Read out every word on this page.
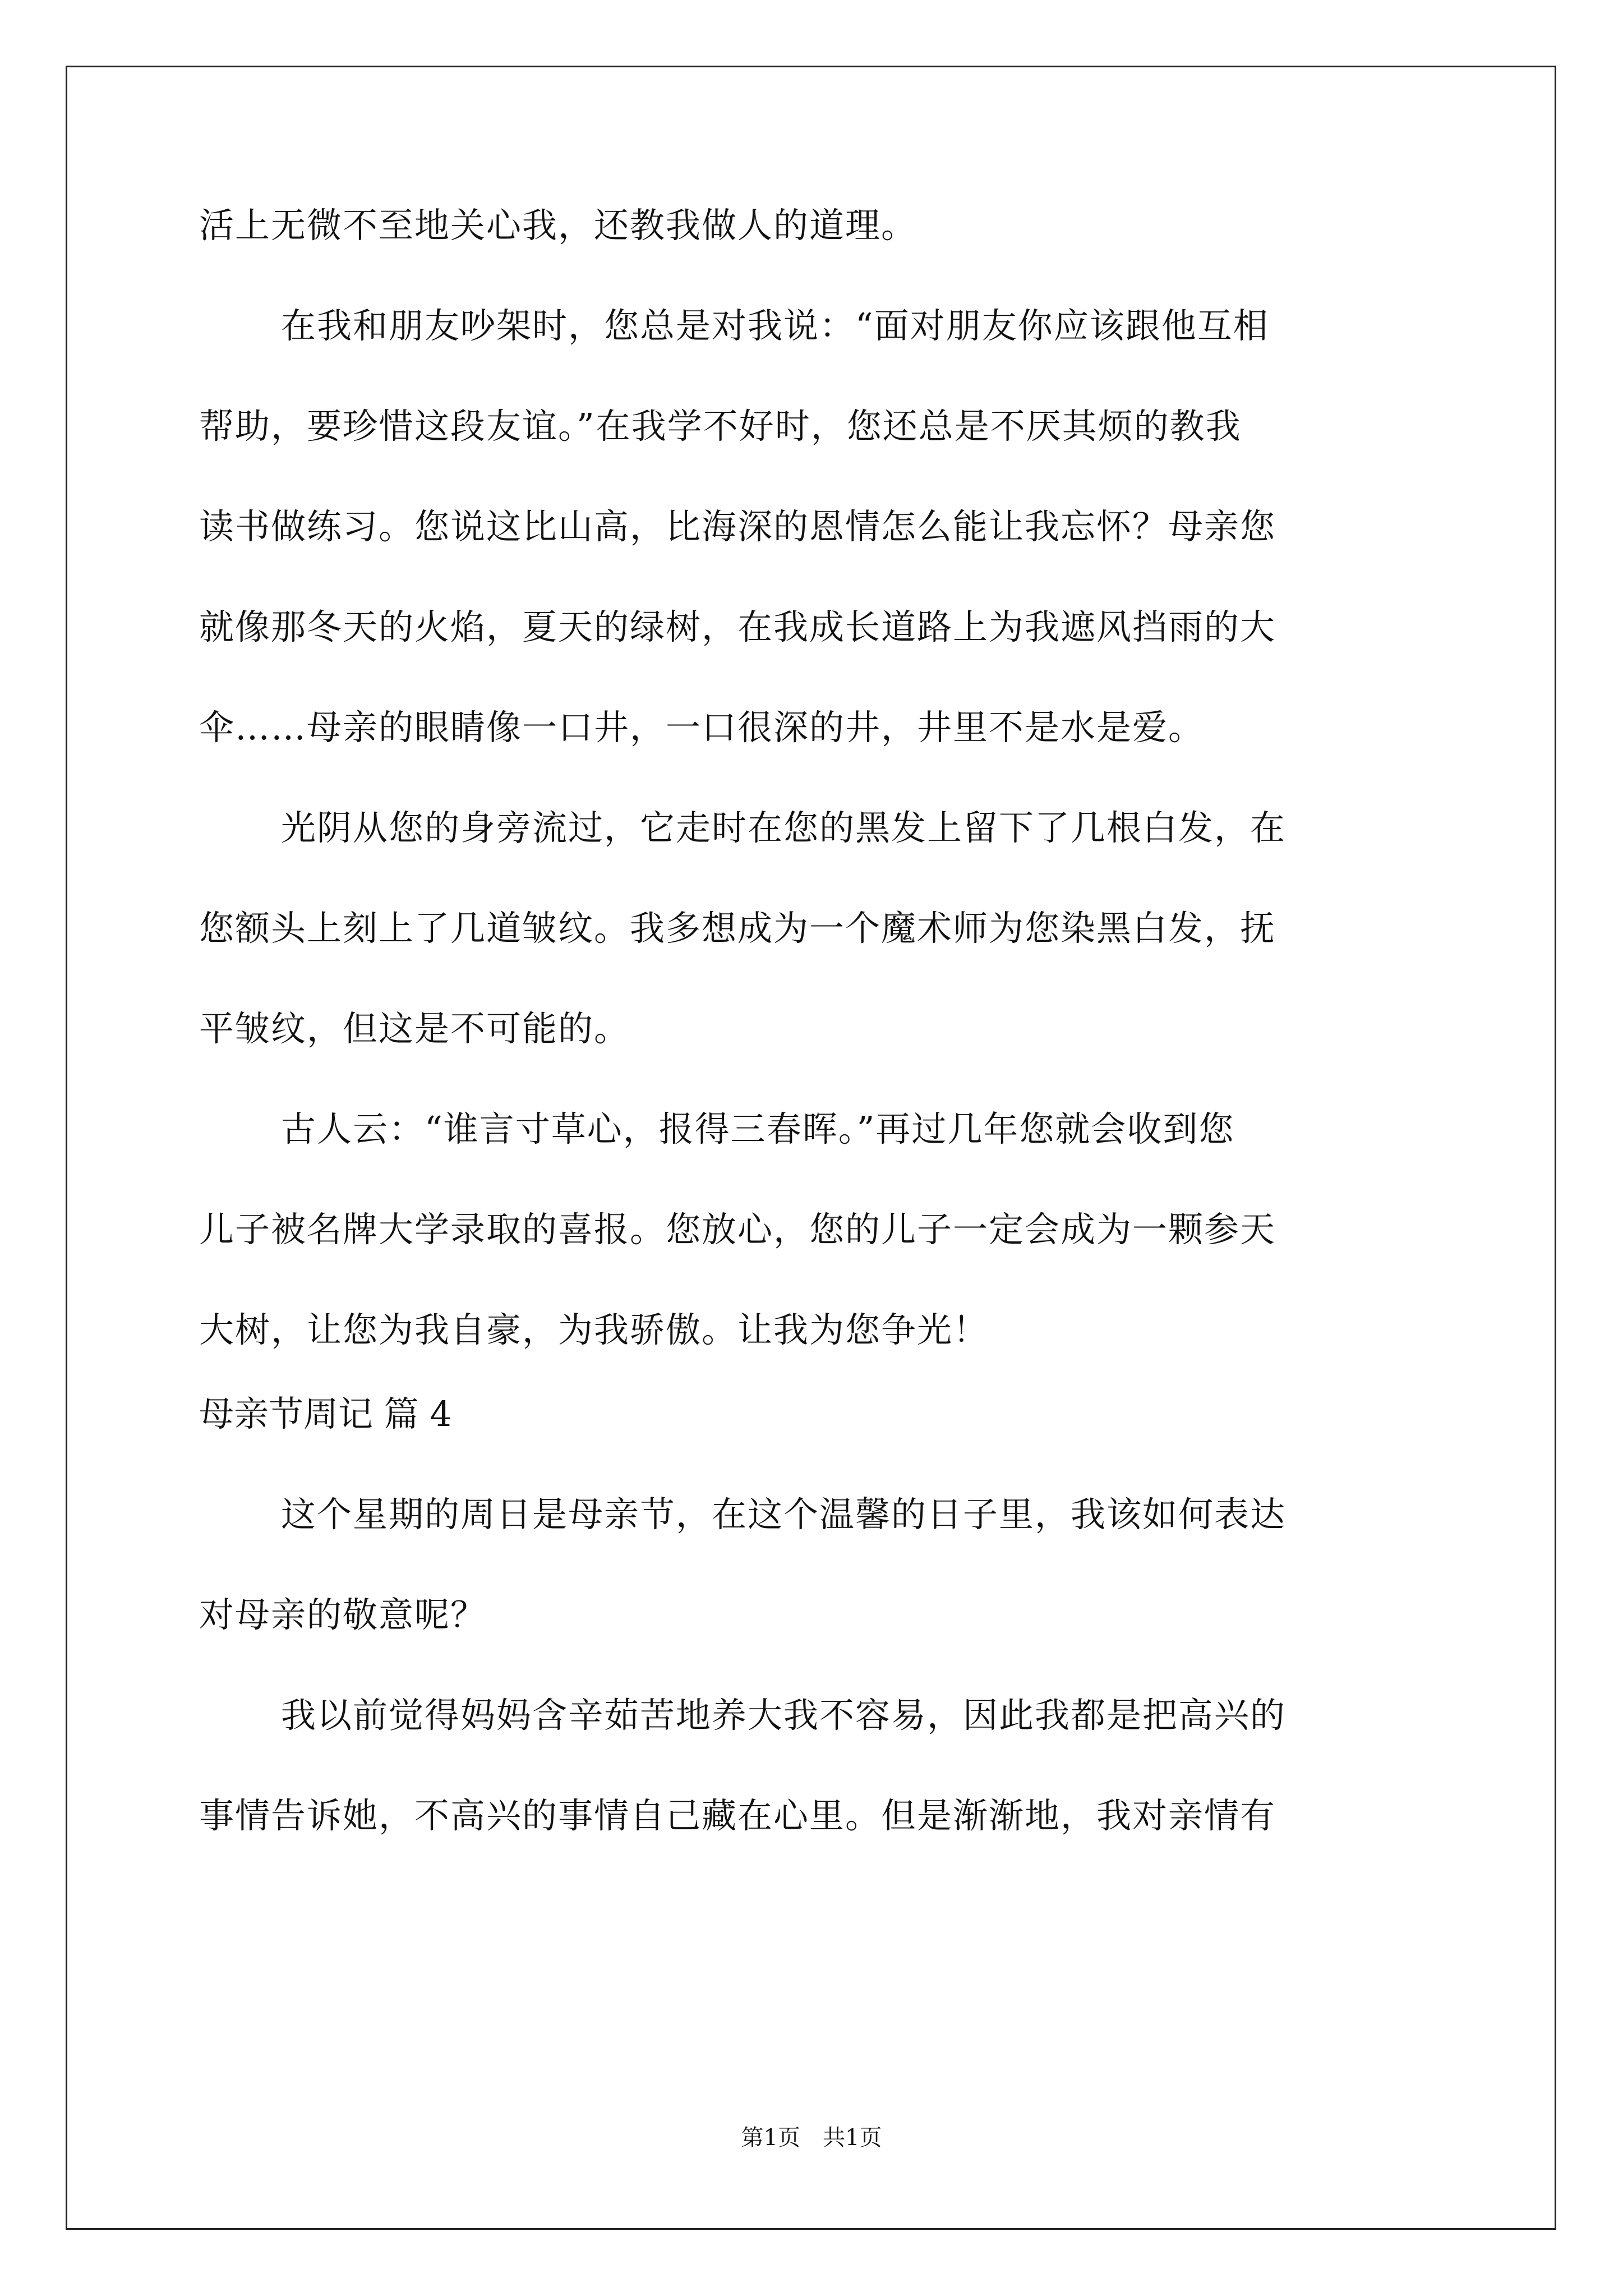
活上无微不至地关心我，还教我做人的道理。
在我和朋友吵架时，您总是对我说：“面对朋友你应该跟他互相
帮助，要珍惜这段友谊。”在我学不好时，您还总是不厌其烦的教我
读书做练习。您说这比山高，比海深的恩情怎么能让我忘怀？母亲您
就像那冬天的火焰，夏天的绿树，在我成长道路上为我遮风挡雨的大
伞……母亲的眼睛像一口井，一口很深的井，井里不是水是爱。
光阴从您的身旁流过，它走时在您的黑发上留下了几根白发，在
您额头上刻上了几道皱纹。我多想成为一个魔术师为您染黑白发，抚
平皱纹，但这是不可能的。
古人云：“谁言寸草心，报得三春晖。”再过几年您就会收到您
儿子被名牌大学录取的喜报。您放心，您的儿子一定会成为一颗参天
大树，让您为我自豪，为我骄傲。让我为您争光！
母亲节周记 篇 4
这个星期的周日是母亲节，在这个温馨的日子里，我该如何表达
对母亲的敬意呢？
我以前觉得妈妈含辛茹苦地养大我不容易，因此我都是把高兴的
事情告诉她，不高兴的事情自己藏在心里。但是渐渐地，我对亲情有
第1页　共1页
